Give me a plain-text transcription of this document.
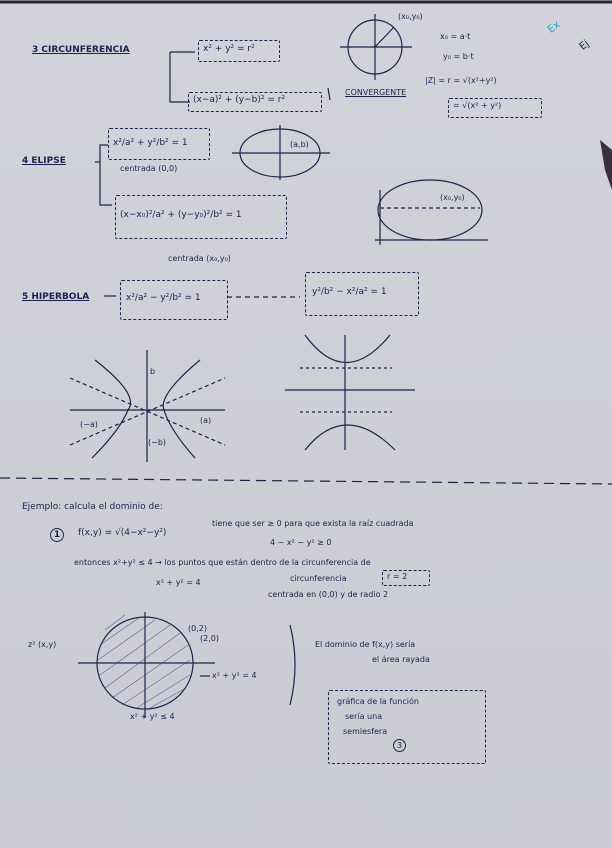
3 CIRCUNFERENCIA	x² + y² = r²
(x−a)² + (y−b)² = r²
(x₀,y₀)
CONVERGENTE
x₀ = a·t
y₀ = b·t
|Z| = r = √(x²+y²)
= √(x² + y²)
4 ELIPSE
x²/a² + y²/b² = 1
centrada (0,0)
(a,b)
(x−x₀)²/a² + (y−y₀)²/b² = 1
centrada (x₀,y₀)
(x₀,y₀)
5 HIPERBOLA	x²/a² − y²/b² = 1
y²/b² − x²/a² = 1
b
(−a)	(a)
(−b)
Ejemplo: calcula el dominio de:
1	f(x,y) = √(4−x²−y²)
tiene que ser ≥ 0 para que exista la raíz cuadrada
4 − x² − y² ≥ 0
entonces x²+y² ≤ 4 → los puntos que están dentro de la circunferencia de
x² + y² = 4	circunferencia	r = 2
centrada en (0,0) y de radio 2
(0,2)
(2,0)
z² (x,y)
x² + y² = 4
x² + y² ≤ 4
El dominio de f(x,y) sería
el área rayada
gráfica de la función
sería una
semiesfera
3
Ex
Ej
